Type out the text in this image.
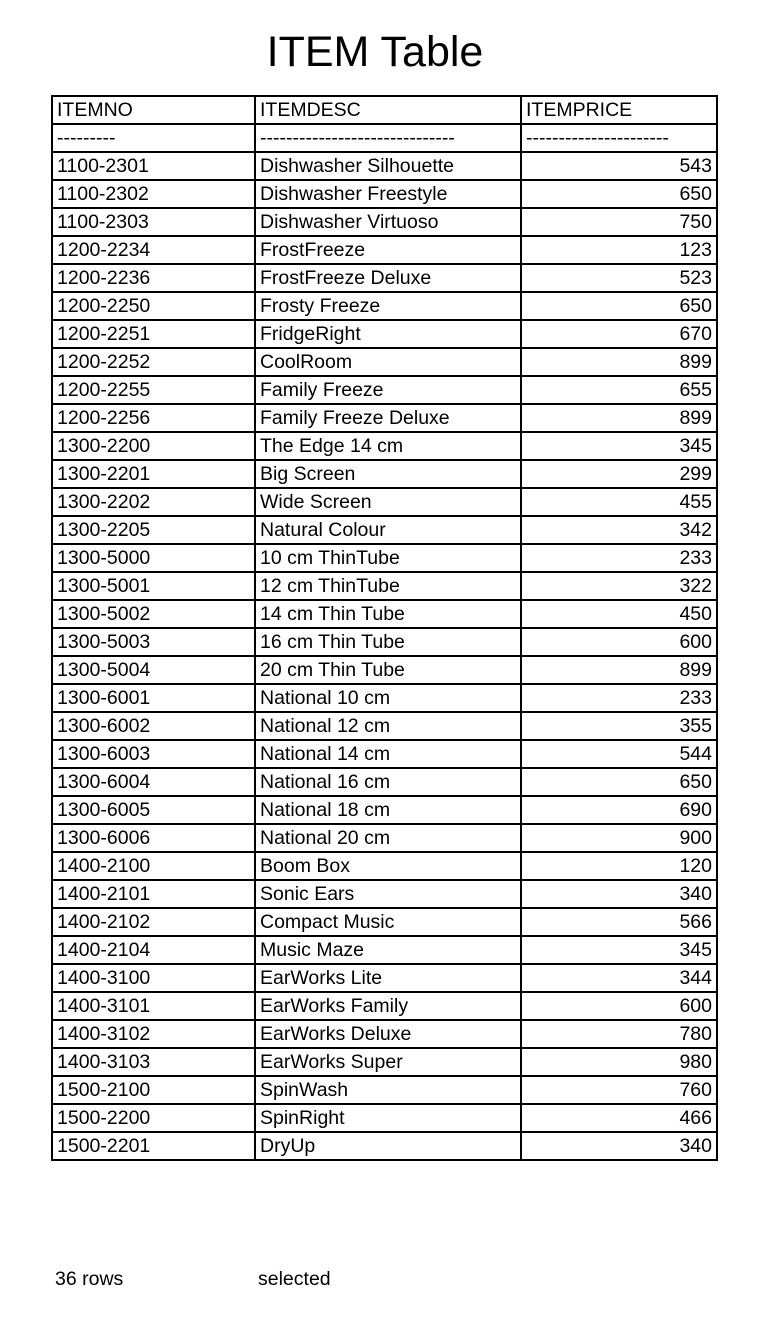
ITEM Table
ITEMNO	ITEMDESC	ITEMPRICE
---------	------------------------------	----------------------
1100-2301	Dishwasher Silhouette	543
1100-2302	Dishwasher Freestyle	650
1100-2303	Dishwasher Virtuoso	750
1200-2234	FrostFreeze	123
1200-2236	FrostFreeze Deluxe	523
1200-2250	Frosty Freeze	650
1200-2251	FridgeRight	670
1200-2252	CoolRoom	899
1200-2255	Family Freeze	655
1200-2256	Family Freeze Deluxe	899
1300-2200	The Edge 14 cm	345
1300-2201	Big Screen	299
1300-2202	Wide Screen	455
1300-2205	Natural Colour	342
1300-5000	10 cm ThinTube	233
1300-5001	12 cm ThinTube	322
1300-5002	14 cm Thin Tube	450
1300-5003	16 cm Thin Tube	600
1300-5004	20 cm Thin Tube	899
1300-6001	National 10 cm	233
1300-6002	National 12 cm	355
1300-6003	National 14 cm	544
1300-6004	National 16 cm	650
1300-6005	National 18 cm	690
1300-6006	National 20 cm	900
1400-2100	Boom Box	120
1400-2101	Sonic Ears	340
1400-2102	Compact Music	566
1400-2104	Music Maze	345
1400-3100	EarWorks Lite	344
1400-3101	EarWorks Family	600
1400-3102	EarWorks Deluxe	780
1400-3103	EarWorks Super	980
1500-2100	SpinWash	760
1500-2200	SpinRight	466
1500-2201	DryUp	340
36 rows	selected
